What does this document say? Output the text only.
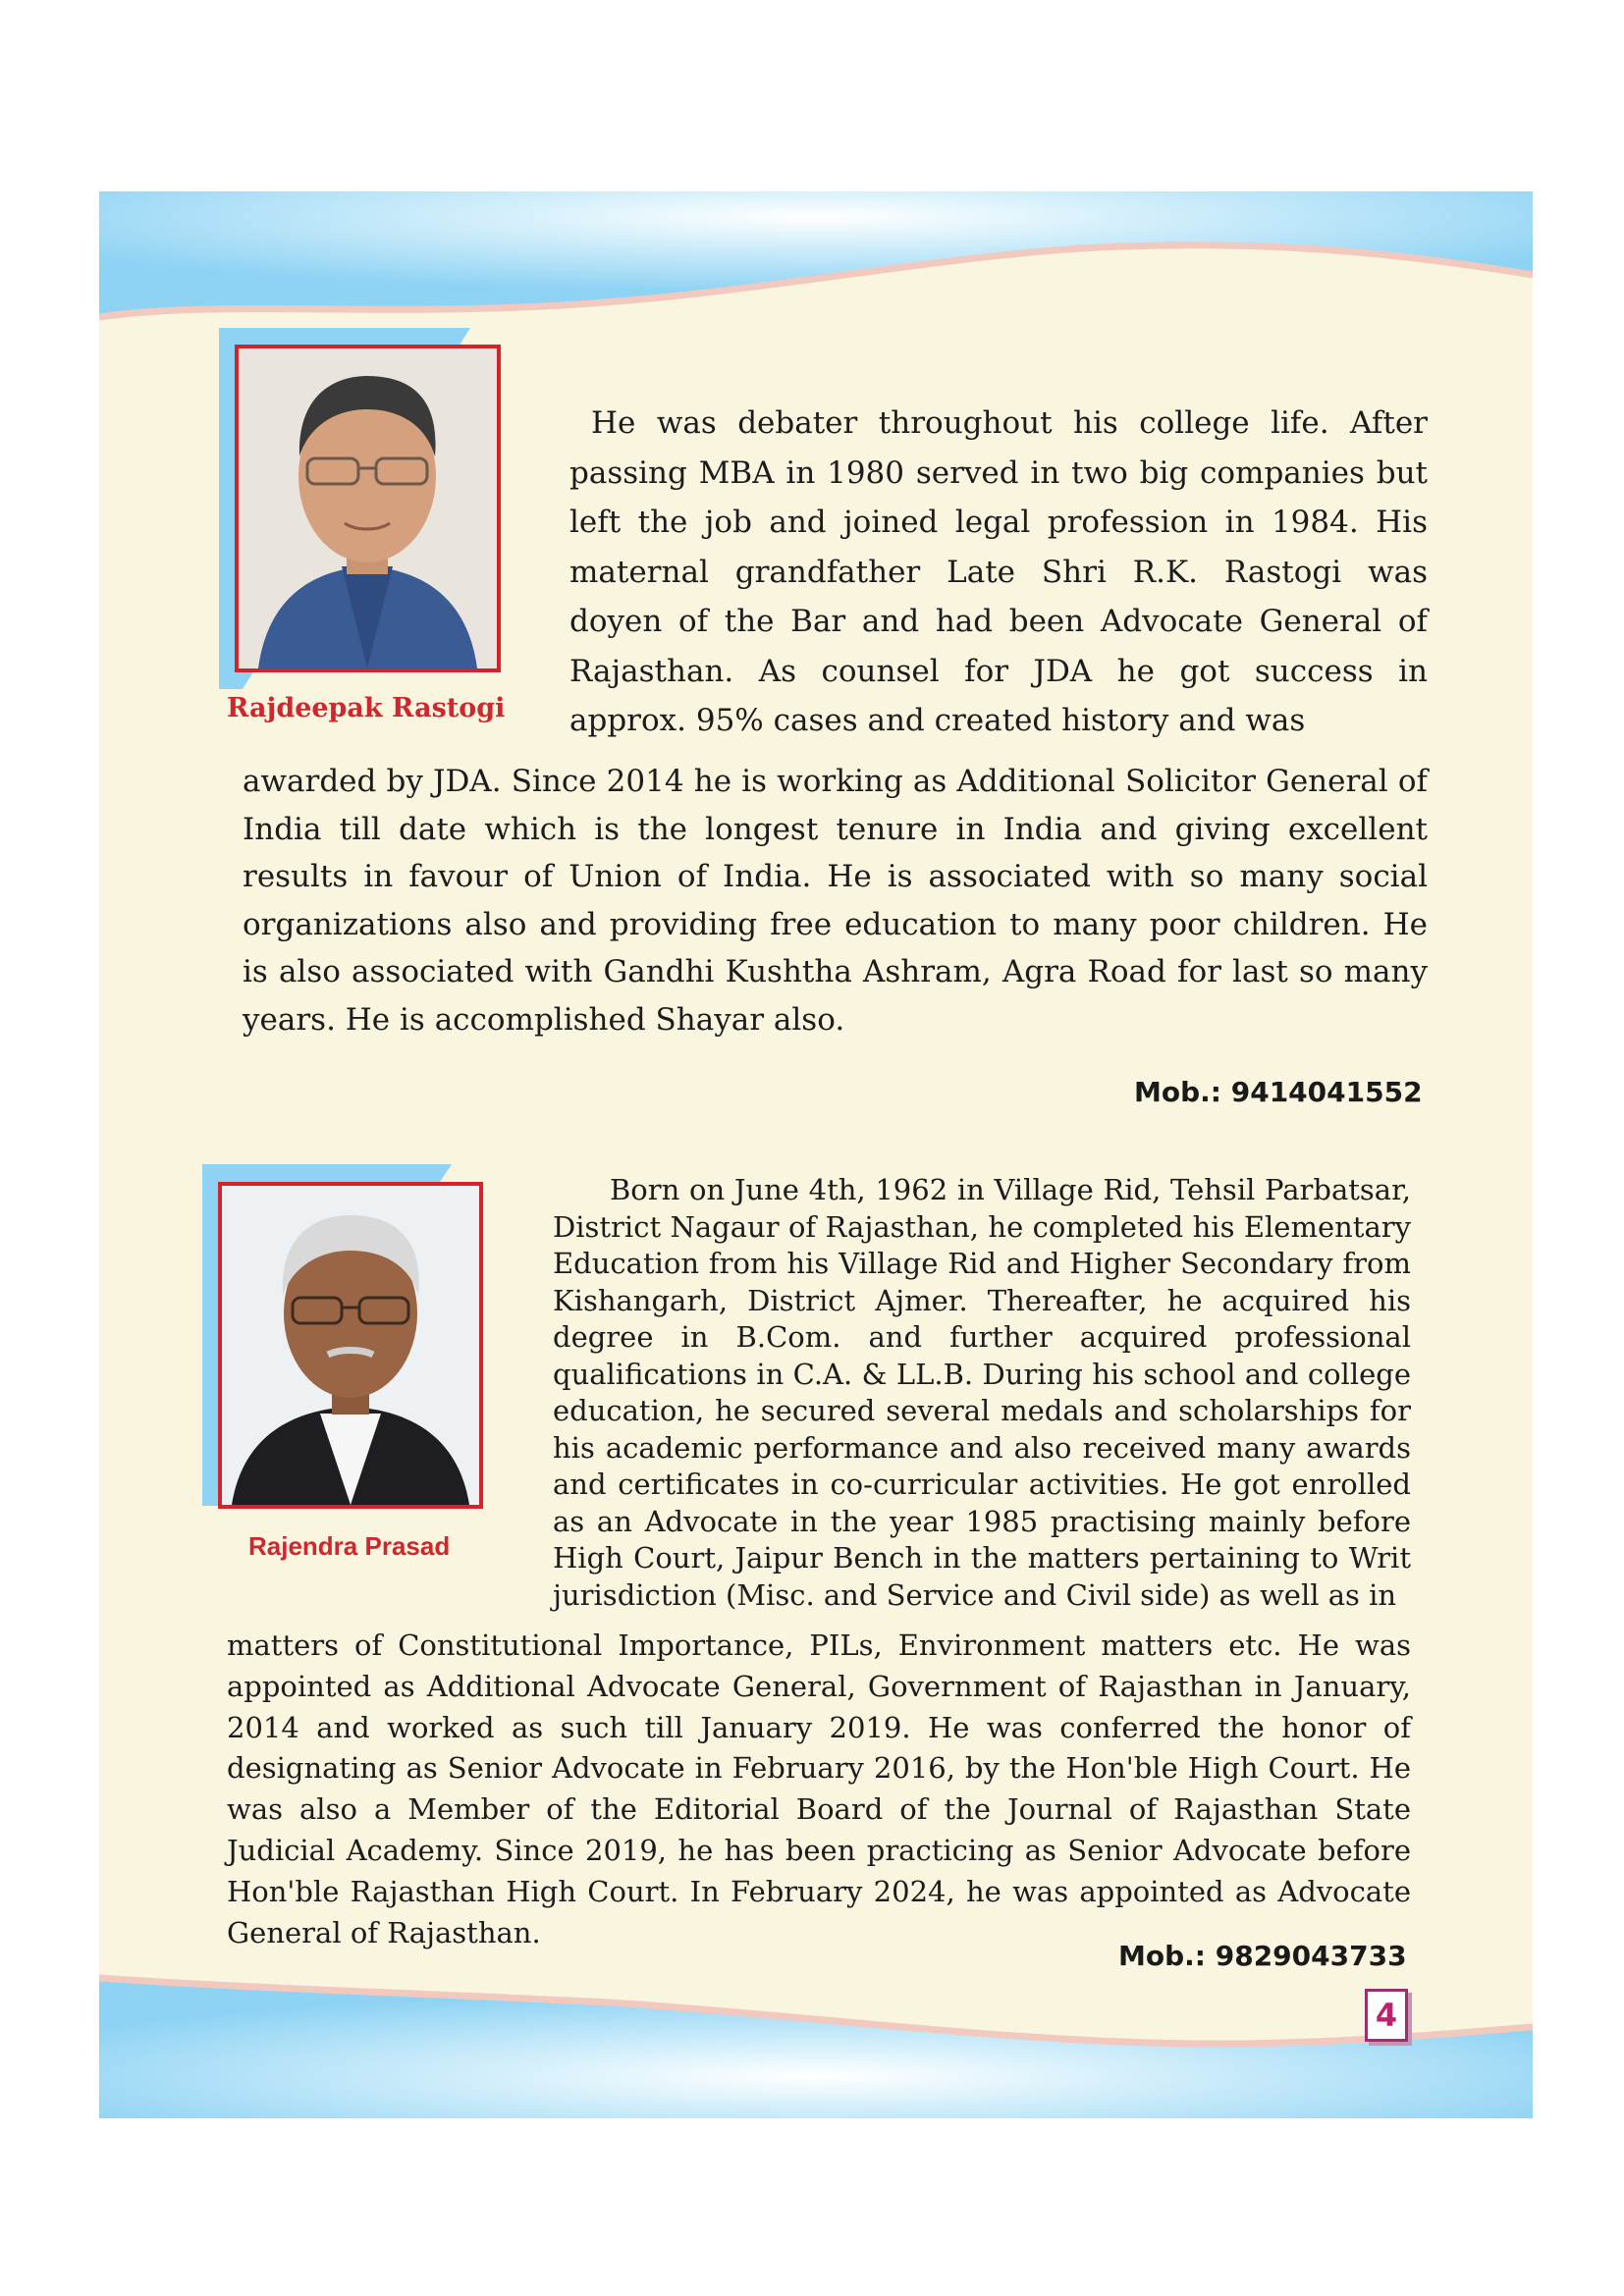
Rajdeepak Rastogi
He was debater throughout his college life. After passing MBA in 1980 served in two big companies but left the job and joined legal profession in 1984. His maternal grandfather Late Shri R.K. Rastogi was doyen of the Bar and had been Advocate General of Rajasthan. As counsel for JDA he got success in approx. 95% cases and created history and was
awarded by JDA. Since 2014 he is working as Additional Solicitor General of India till date which is the longest tenure in India and giving excellent results in favour of Union of India. He is associated with so many social organizations also and providing free education to many poor children. He is also associated with Gandhi Kushtha Ashram, Agra Road for last so many years. He is accomplished Shayar also.
Mob.: 9414041552
Rajendra Prasad
Born on June 4th, 1962 in Village Rid, Tehsil Parbatsar, District Nagaur of Rajasthan, he completed his Elementary Education from his Village Rid and Higher Secondary from Kishangarh, District Ajmer. Thereafter, he acquired his degree in B.Com. and further acquired professional qualifications in C.A. & LL.B. During his school and college education, he secured several medals and scholarships for his academic performance and also received many awards and certificates in co-curricular activities. He got enrolled as an Advocate in the year 1985 practising mainly before High Court, Jaipur Bench in the matters pertaining to Writ jurisdiction (Misc. and Service and Civil side) as well as in
matters of Constitutional Importance, PILs, Environment matters etc. He was appointed as Additional Advocate General, Government of Rajasthan in January, 2014 and worked as such till January 2019. He was conferred the honor of designating as Senior Advocate in February 2016, by the Hon'ble High Court. He was also a Member of the Editorial Board of the Journal of Rajasthan State Judicial Academy. Since 2019, he has been practicing as Senior Advocate before Hon'ble Rajasthan High Court. In February 2024, he was appointed as Advocate General of Rajasthan.
Mob.: 9829043733
4
